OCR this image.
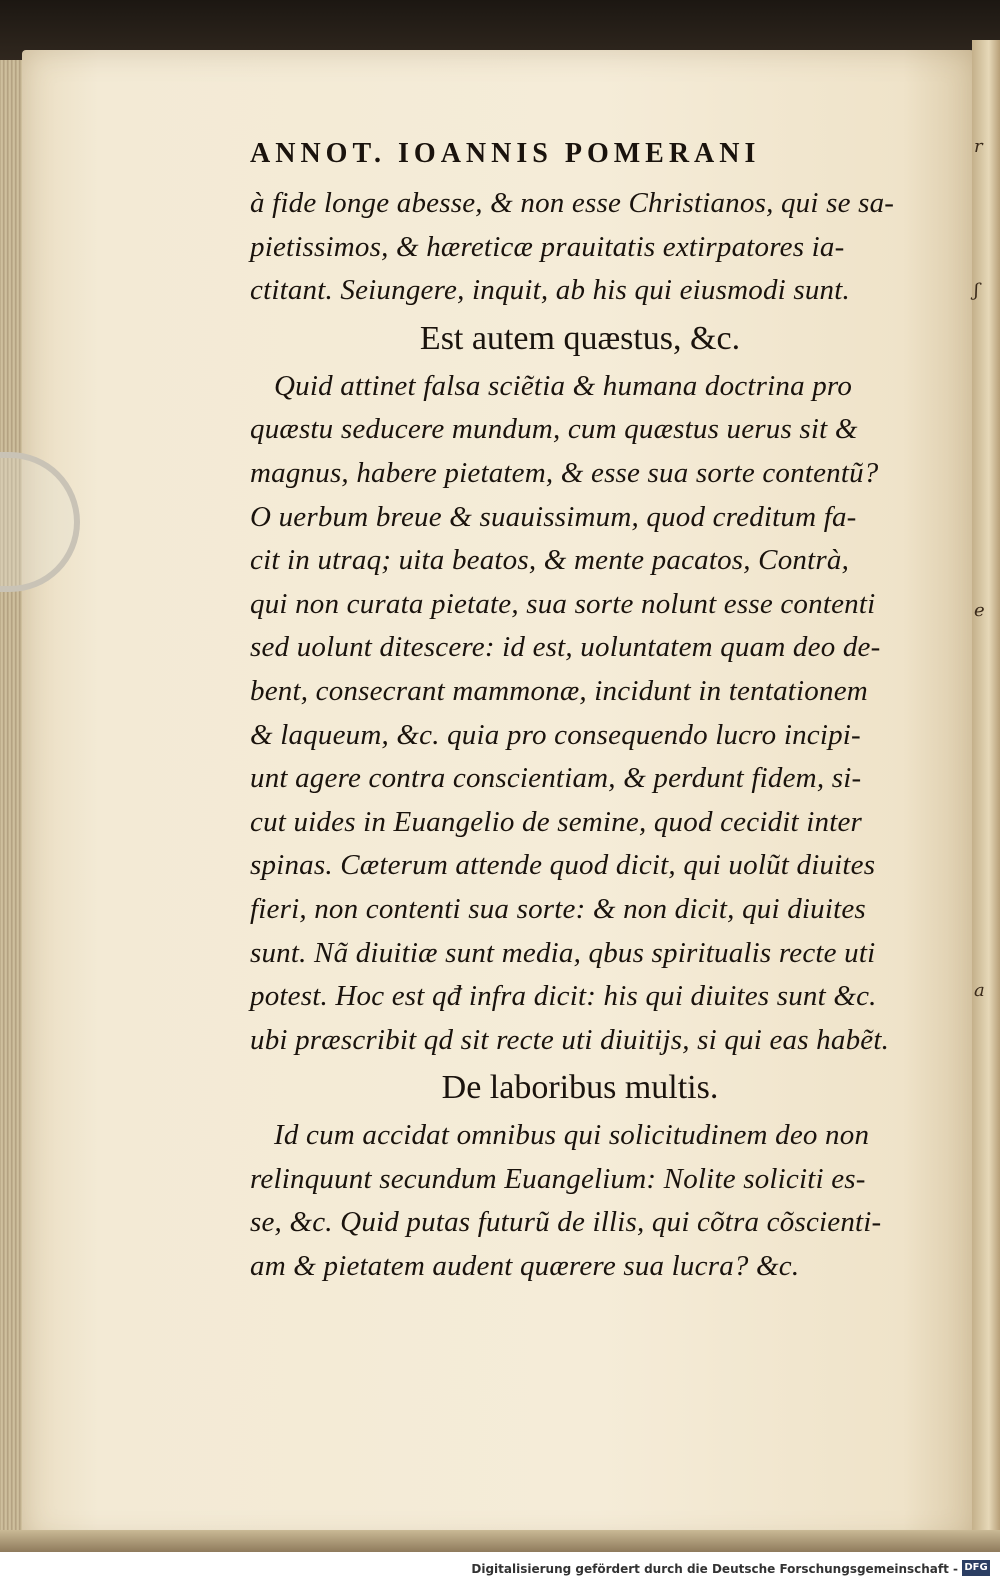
r
ʃ
e
a
ANNOT. IOANNIS POMERANI
à fide longe abesse, & non esse Christianos, qui se sa-
pietissimos, & hæreticæ prauitatis extirpatores ia-
ctitant. Seiungere, inquit, ab his qui eiusmodi sunt.
Est autem quæstus, &c.
Quid attinet falsa sciẽtia & humana doctrina pro
quæstu seducere mundum, cum quæstus uerus sit &
magnus, habere pietatem, & esse sua sorte contentũ?
O uerbum breue & suauissimum, quod creditum fa-
cit in utraq; uita beatos, & mente pacatos, Contrà,
qui non curata pietate, sua sorte nolunt esse contenti
sed uolunt ditescere: id est, uoluntatem quam deo de-
bent, consecrant mammonæ, incidunt in tentationem
& laqueum, &c. quia pro consequendo lucro incipi-
unt agere contra conscientiam, & perdunt fidem, si-
cut uides in Euangelio de semine, quod cecidit inter
spinas. Cæterum attende quod dicit, qui uolũt diuites
fieri, non contenti sua sorte: & non dicit, qui diuites
sunt. Nã diuitiæ sunt media, qbus spiritualis recte uti
potest. Hoc est qđ infra dicit: his qui diuites sunt &c.
ubi præscribit qd sit recte uti diuitijs, si qui eas habẽt.
De laboribus multis.
Id cum accidat omnibus qui solicitudinem deo non
relinquunt secundum Euangelium: Nolite soliciti es-
se, &c. Quid putas futurũ de illis, qui cõtra cõscienti-
am & pietatem audent quærere sua lucra? &c.
Digitalisierung gefördert durch die Deutsche Forschungsgemeinschaft - DFG
